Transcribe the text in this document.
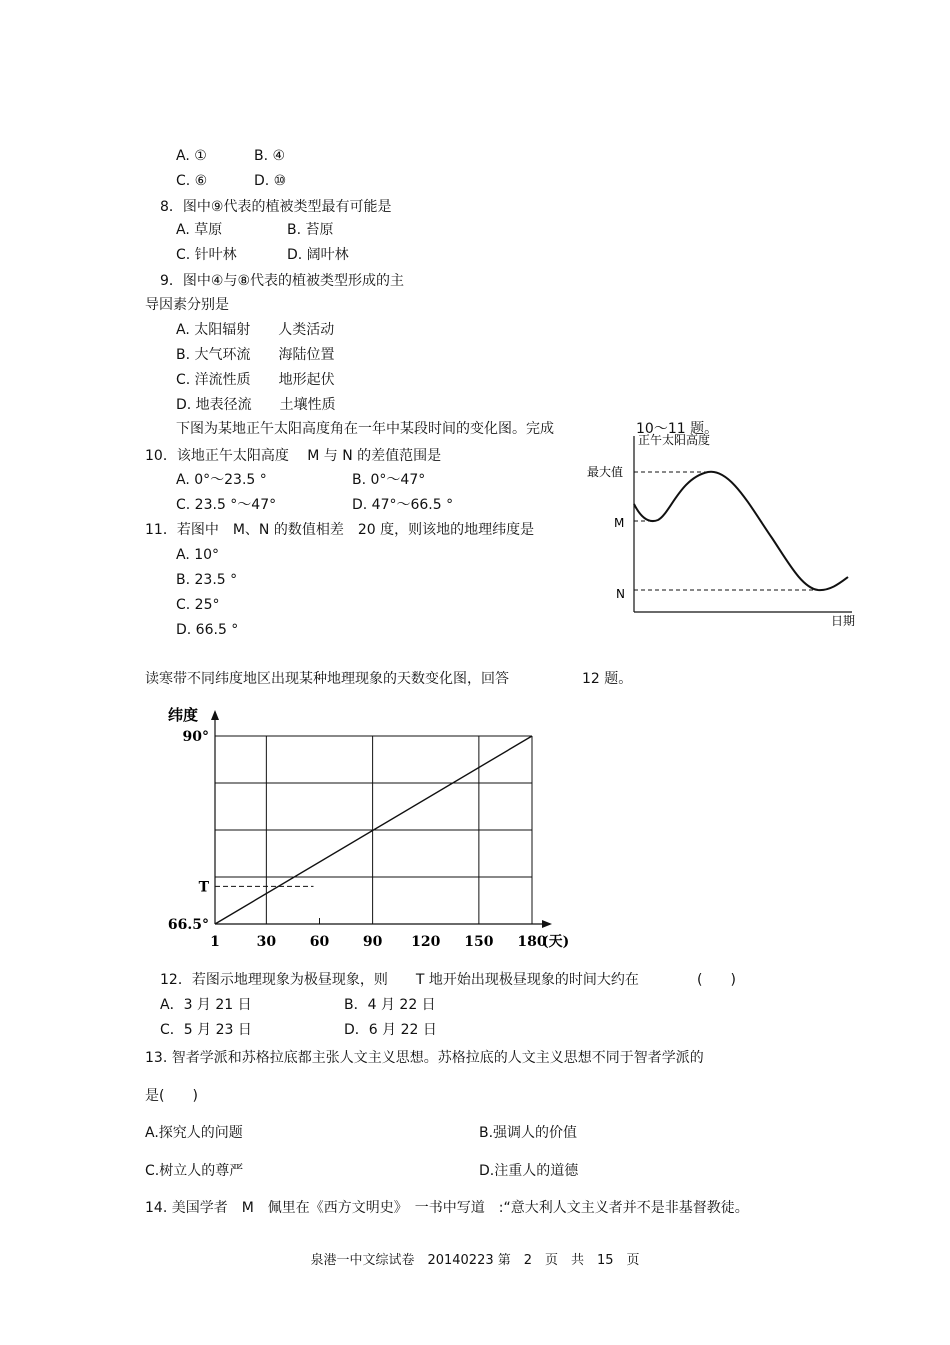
A. ①	B. ④
C. ⑥	D. ⑩
8．图中⑨代表的植被类型最有可能是
A. 草原	B. 苔原
C. 针叶林	D. 阔叶林
9．图中④与⑧代表的植被类型形成的主
导因素分别是
A. 太阳辐射　　人类活动
B. 大气环流　　海陆位置
C. 洋流性质　　地形起伏
D. 地表径流　　土壤性质
下图为某地正午太阳高度角在一年中某段时间的变化图。完成	10～11 题。
10．该地正午太阳高度　 M 与 N 的差值范围是
A. 0°～23.5 °	B. 0°～47°
C. 23.5 °～47°	D. 47°～66.5 °
11．若图中　M、N 的数值相差　20 度，则该地的地理纬度是
A. 10°
B. 23.5 °
C. 25°
D. 66.5 °
正午太阳高度
日期
最大值
M
N
读寒带不同纬度地区出现某种地理现象的天数变化图，回答	12 题。
纬度
(天)
1	30 60 90 120 150 180
90°
T
66.5°
12．若图示地理现象为极昼现象，则　　T 地开始出现极昼现象的时间大约在	(　　)
A．3 月 21 日	B．4 月 22 日
C．5 月 23 日	D．6 月 22 日
13. 智者学派和苏格拉底都主张人文主义思想。苏格拉底的人文主义思想不同于智者学派的
是(　　)
A.探究人的问题	B.强调人的价值
C.树立人的尊严	D.注重人的道德
14. 美国学者　M　佩里在《西方文明史》　一书中写道　:“意大利人文主义者并不是非基督教徒。
泉港一中文综试卷　20140223 第　2　页　共　15　页
